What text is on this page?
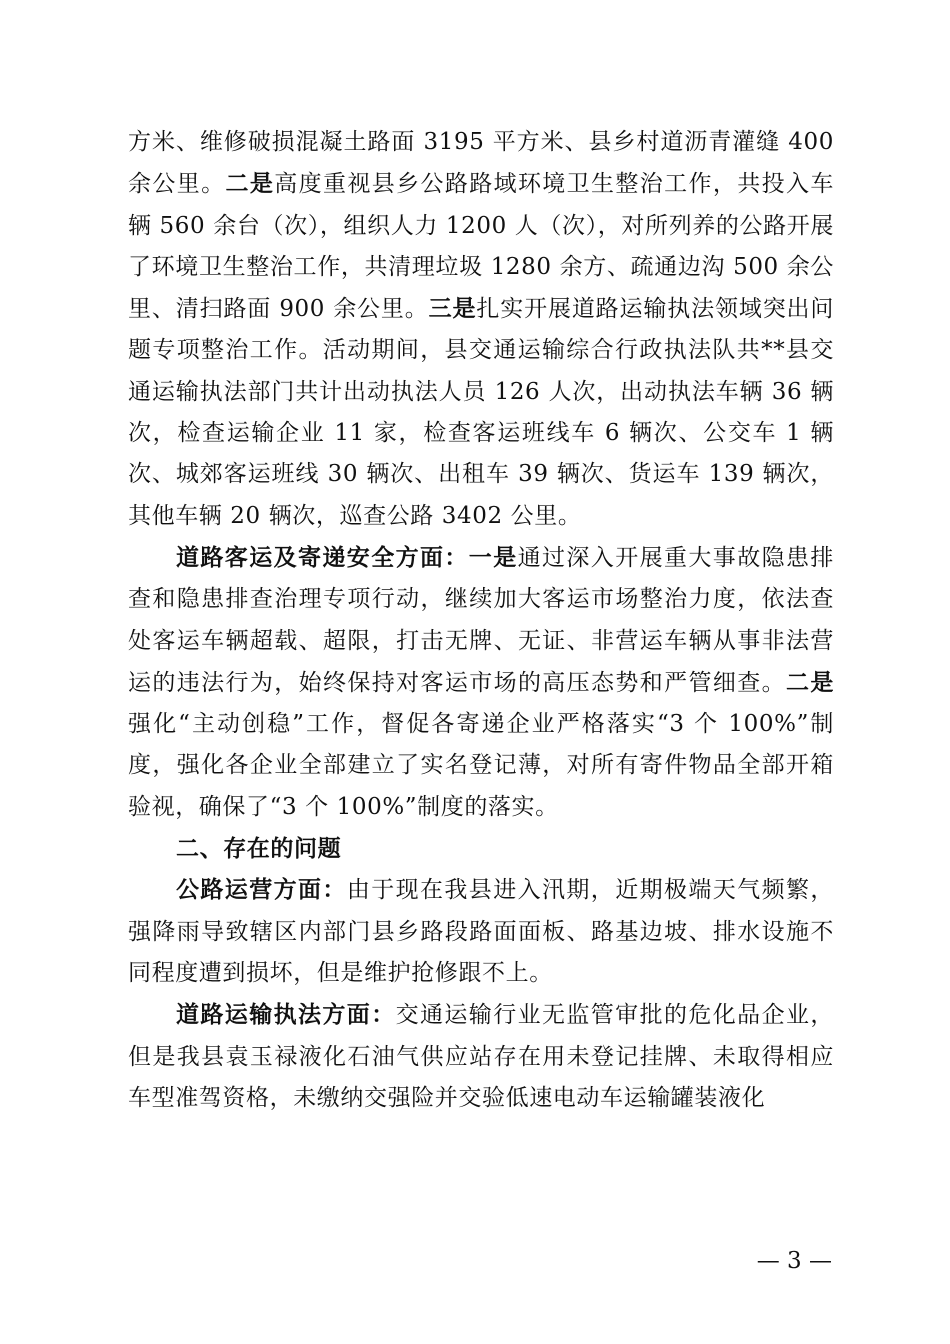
方米、维修破损混凝土路面 3195 平方米、县乡村道沥青灌缝 400 余公里。二是高度重视县乡公路路域环境卫生整治工作，共投入车辆 560 余台（次），组织人力 1200 人（次），对所列养的公路开展了环境卫生整治工作，共清理垃圾 1280 余方、疏通边沟 500 余公里、清扫路面 900 余公里。三是扎实开展道路运输执法领域突出问题专项整治工作。活动期间，县交通运输综合行政执法队共**县交通运输执法部门共计出动执法人员 126 人次，出动执法车辆 36 辆次，检查运输企业 11 家，检查客运班线车 6 辆次、公交车 1 辆次、城郊客运班线 30 辆次、出租车 39 辆次、货运车 139 辆次，其他车辆 20 辆次，巡查公路 3402 公里。

道路客运及寄递安全方面：一是通过深入开展重大事故隐患排查和隐患排查治理专项行动，继续加大客运市场整治力度，依法查处客运车辆超载、超限，打击无牌、无证、非营运车辆从事非法营运的违法行为，始终保持对客运市场的高压态势和严管细查。二是强化“主动创稳”工作，督促各寄递企业严格落实“3 个 100%”制度，强化各企业全部建立了实名登记薄，对所有寄件物品全部开箱验视，确保了“3 个 100%”制度的落实。

二、存在的问题

公路运营方面：由于现在我县进入汛期，近期极端天气频繁，强降雨导致辖区内部门县乡路段路面面板、路基边坡、排水设施不同程度遭到损坏，但是维护抢修跟不上。

道路运输执法方面：交通运输行业无监管审批的危化品企业，但是我县袁玉禄液化石油气供应站存在用未登记挂牌、未取得相应车型准驾资格，未缴纳交强险并交验低速电动车运输罐装液化

— 3 —
